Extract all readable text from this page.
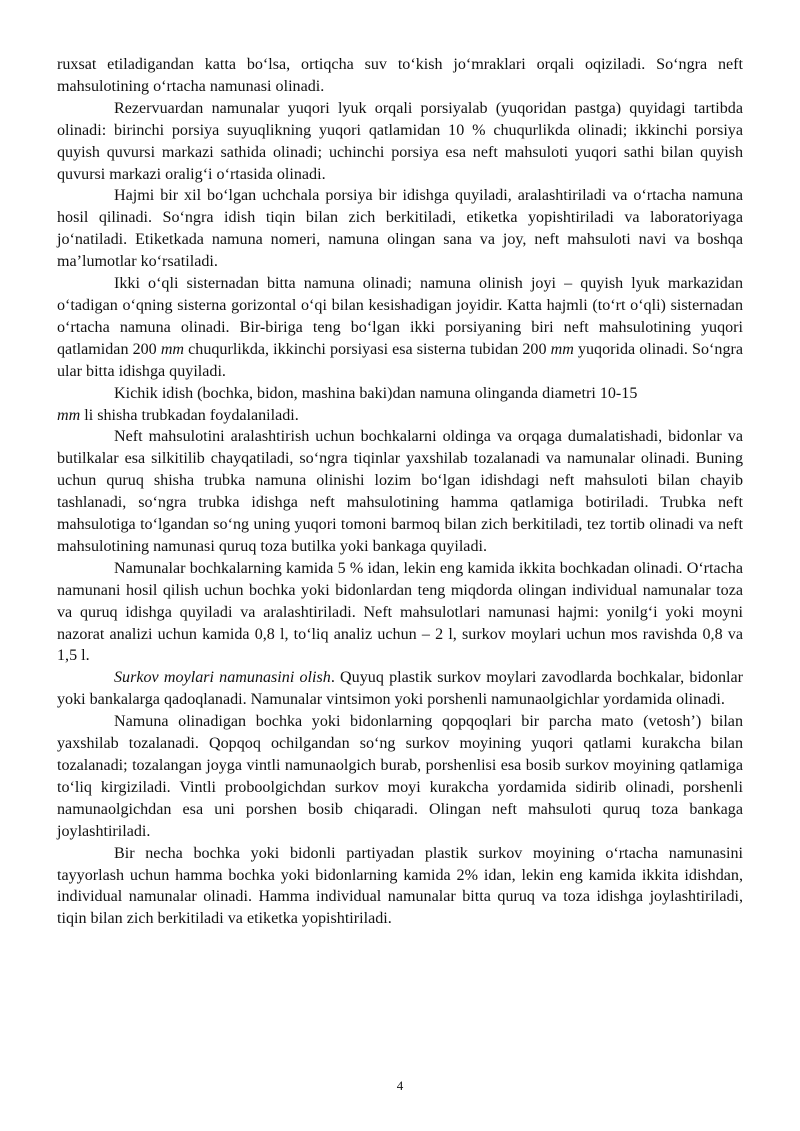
ruxsat etiladigandan katta bo‘lsa, ortiqcha suv to‘kish jo‘mraklari orqali oqiziladi. So‘ngra neft mahsulotining o‘rtacha namunasi olinadi.

Rezervuardan namunalar yuqori lyuk orqali porsiyalab (yuqoridan pastga) quyidagi tartibda olinadi: birinchi porsiya suyuqlikning yuqori qatlamidan 10 % chuqurlikda olinadi; ikkinchi porsiya quyish quvursi markazi sathida olinadi; uchinchi porsiya esa neft mahsuloti yuqori sathi bilan quyish quvursi markazi oralig‘i o‘rtasida olinadi.

Hajmi bir xil bo‘lgan uchchala porsiya bir idishga quyiladi, aralashtiriladi va o‘rtacha namuna hosil qilinadi. So‘ngra idish tiqin bilan zich berkitiladi, etiketka yopishtiriladi va laboratoriyaga jo‘natiladi. Etiketkada namuna nomeri, namuna olingan sana va joy, neft mahsuloti navi va boshqa ma’lumotlar ko‘rsatiladi.

Ikki o‘qli sisternadan bitta namuna olinadi; namuna olinish joyi – quyish lyuk markazidan o‘tadigan o‘qning sisterna gorizontal o‘qi bilan kesishadigan joyidir. Katta hajmli (to‘rt o‘qli) sisternadan o‘rtacha namuna olinadi. Bir-biriga teng bo‘lgan ikki porsiyaning biri neft mahsulotining yuqori qatlamidan 200 mm chuqurlikda, ikkinchi porsiyasi esa sisterna tubidan 200 mm yuqorida olinadi. So‘ngra ular bitta idishga quyiladi.

Kichik idish (bochka, bidon, mashina baki)dan namuna olinganda diametri 10-15
mm li shisha trubkadan foydalaniladi.

Neft mahsulotini aralashtirish uchun bochkalarni oldinga va orqaga dumalatishadi, bidonlar va butilkalar esa silkitilib chayqatiladi, so‘ngra tiqinlar yaxshilab tozalanadi va namunalar olinadi. Buning uchun quruq shisha trubka namuna olinishi lozim bo‘lgan idishdagi neft mahsuloti bilan chayib tashlanadi, so‘ngra trubka idishga neft mahsulotining hamma qatlamiga botiriladi. Trubka neft mahsulotiga to‘lgandan so‘ng uning yuqori tomoni barmoq bilan zich berkitiladi, tez tortib olinadi va neft mahsulotining namunasi quruq toza butilka yoki bankaga quyiladi.

Namunalar bochkalarning kamida 5 % idan, lekin eng kamida ikkita bochkadan olinadi. O‘rtacha namunani hosil qilish uchun bochka yoki bidonlardan teng miqdorda olingan individual namunalar toza va quruq idishga quyiladi va aralashtiriladi. Neft mahsulotlari namunasi hajmi: yonilg‘i yoki moyni nazorat analizi uchun kamida 0,8 l, to‘liq analiz uchun – 2 l, surkov moylari uchun mos ravishda 0,8 va 1,5 l.

Surkov moylari namunasini olish. Quyuq plastik surkov moylari zavodlarda bochkalar, bidonlar yoki bankalarga qadoqlanadi. Namunalar vintsimon yoki porshenli namunaolgichlar yordamida olinadi.

Namuna olinadigan bochka yoki bidonlarning qopqoqlari bir parcha mato (vetosh’) bilan yaxshilab tozalanadi. Qopqoq ochilgandan so‘ng surkov moyining yuqori qatlami kurakcha bilan tozalanadi; tozalangan joyga vintli namunaolgich burab, porshenlisi esa bosib surkov moyining qatlamiga to‘liq kirgiziladi. Vintli proboolgichdan surkov moyi kurakcha yordamida sidirib olinadi, porshenli namunaolgichdan esa uni porshen bosib chiqaradi. Olingan neft mahsuloti quruq toza bankaga joylashtiriladi.

Bir necha bochka yoki bidonli partiyadan plastik surkov moyining o‘rtacha namunasini tayyorlash uchun hamma bochka yoki bidonlarning kamida 2% idan, lekin eng kamida ikkita idishdan, individual namunalar olinadi. Hamma individual namunalar bitta quruq va toza idishga joylashtiriladi, tiqin bilan zich berkitiladi va etiketka yopishtiriladi.

4
